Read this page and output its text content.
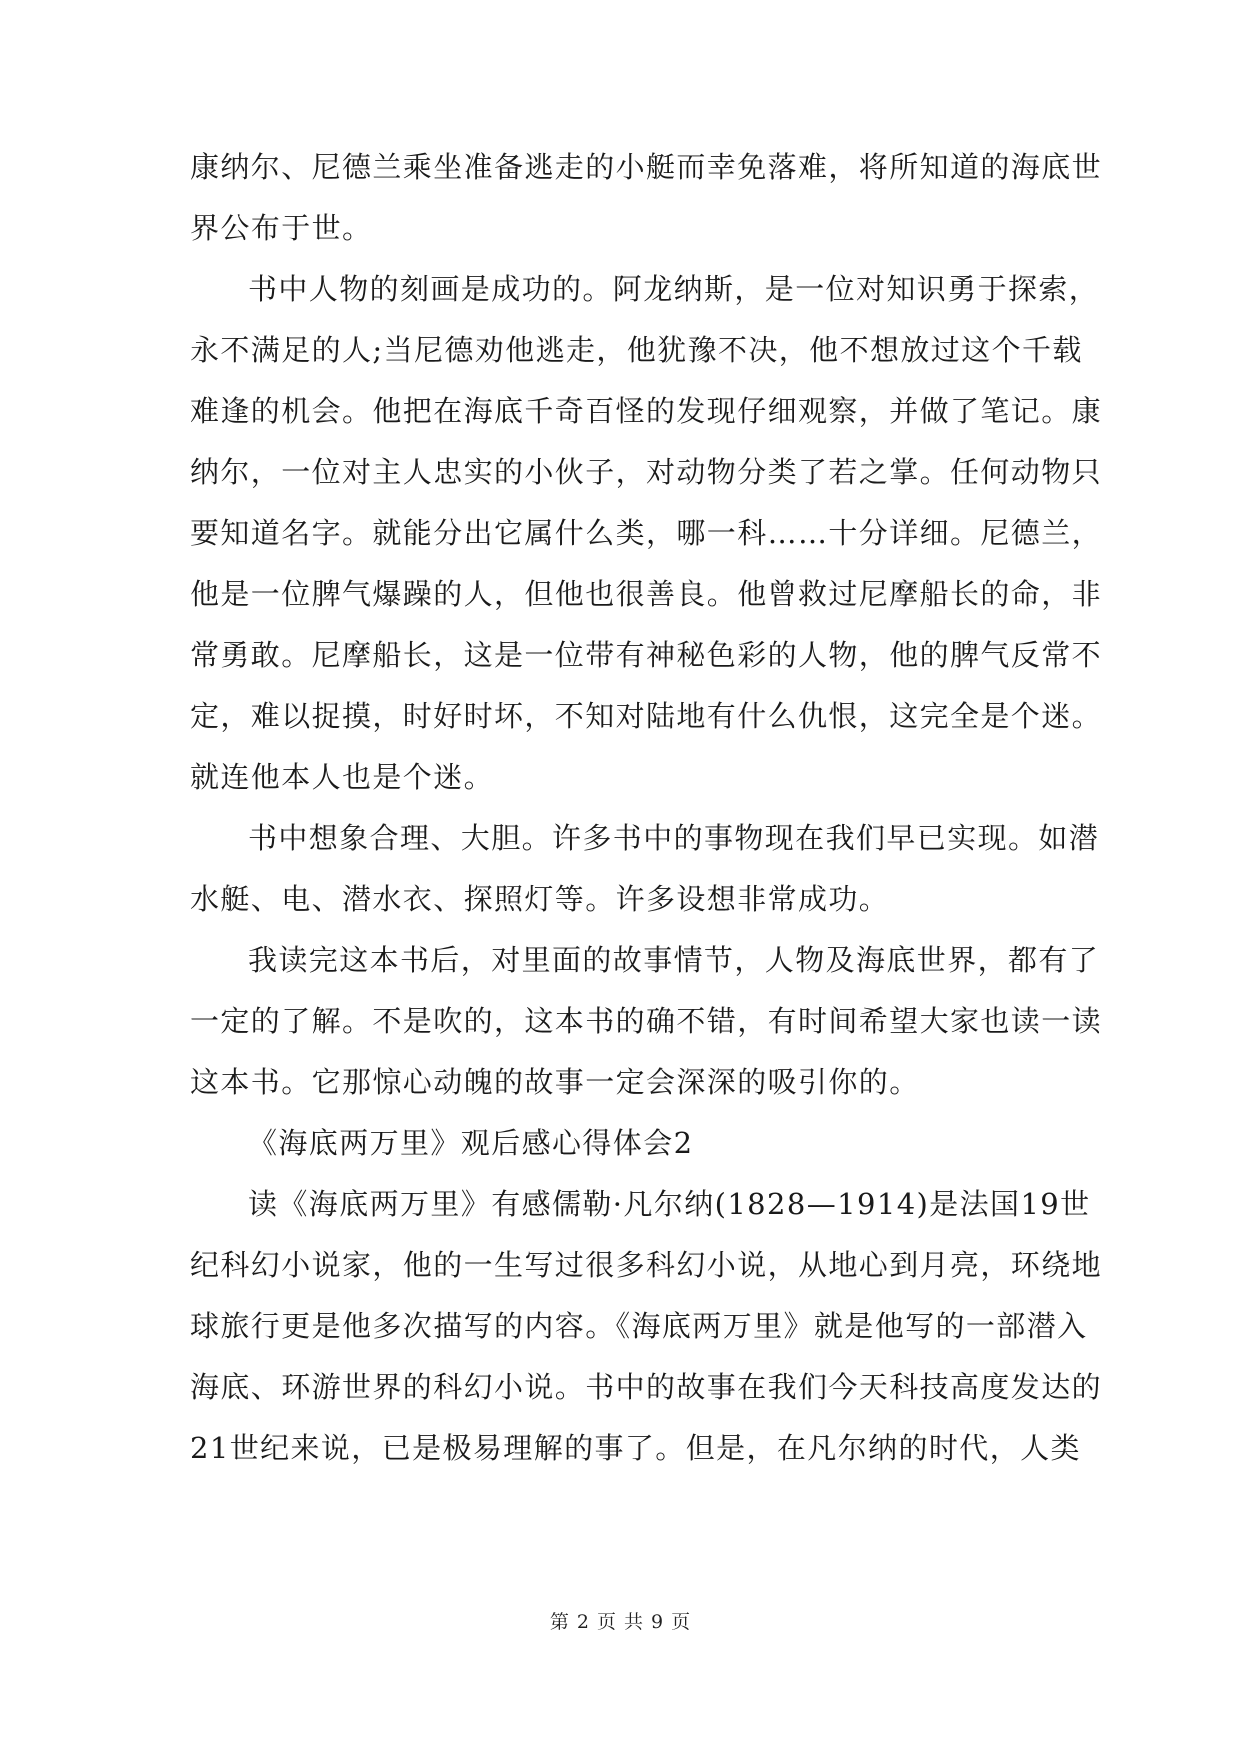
康纳尔、尼德兰乘坐准备逃走的小艇而幸免落难，将所知道的海底世
界公布于世。
书中人物的刻画是成功的。阿龙纳斯，是一位对知识勇于探索，
永不满足的人;当尼德劝他逃走，他犹豫不决，他不想放过这个千载
难逢的机会。他把在海底千奇百怪的发现仔细观察，并做了笔记。康
纳尔，一位对主人忠实的小伙子，对动物分类了若之掌。任何动物只
要知道名字。就能分出它属什么类，哪一科……十分详细。尼德兰，
他是一位脾气爆躁的人，但他也很善良。他曾救过尼摩船长的命，非
常勇敢。尼摩船长，这是一位带有神秘色彩的人物，他的脾气反常不
定，难以捉摸，时好时坏，不知对陆地有什么仇恨，这完全是个迷。
就连他本人也是个迷。
书中想象合理、大胆。许多书中的事物现在我们早已实现。如潜
水艇、电、潜水衣、探照灯等。许多设想非常成功。
我读完这本书后，对里面的故事情节，人物及海底世界，都有了
一定的了解。不是吹的，这本书的确不错，有时间希望大家也读一读
这本书。它那惊心动魄的故事一定会深深的吸引你的。
《海底两万里》观后感心得体会2
读《海底两万里》有感儒勒·凡尔纳(1828—1914)是法国19世
纪科幻小说家，他的一生写过很多科幻小说，从地心到月亮，环绕地
球旅行更是他多次描写的内容。《海底两万里》就是他写的一部潜入
海底、环游世界的科幻小说。书中的故事在我们今天科技高度发达的
21世纪来说，已是极易理解的事了。但是，在凡尔纳的时代，人类
第 2 页 共 9 页
